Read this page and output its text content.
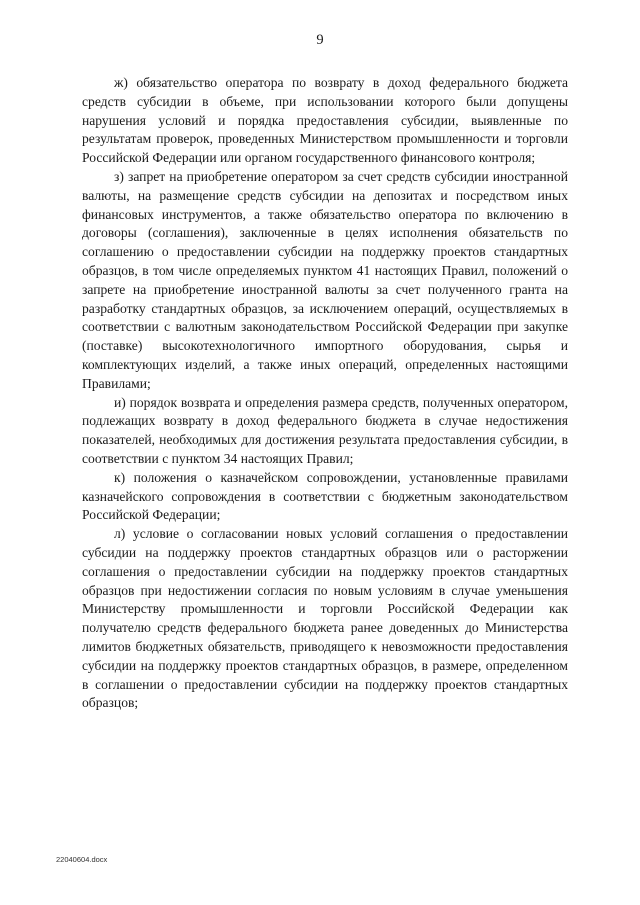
9

ж) обязательство оператора по возврату в доход федерального бюджета средств субсидии в объеме, при использовании которого были допущены нарушения условий и порядка предоставления субсидии, выявленные по результатам проверок, проведенных Министерством промышленности и торговли Российской Федерации или органом государственного финансового контроля;

з) запрет на приобретение оператором за счет средств субсидии иностранной валюты, на размещение средств субсидии на депозитах и посредством иных финансовых инструментов, а также обязательство оператора по включению в договоры (соглашения), заключенные в целях исполнения обязательств по соглашению о предоставлении субсидии на поддержку проектов стандартных образцов, в том числе определяемых пунктом 41 настоящих Правил, положений о запрете на приобретение иностранной валюты за счет полученного гранта на разработку стандартных образцов, за исключением операций, осуществляемых в соответствии с валютным законодательством Российской Федерации при закупке (поставке) высокотехнологичного импортного оборудования, сырья и комплектующих изделий, а также иных операций, определенных настоящими Правилами;

и) порядок возврата и определения размера средств, полученных оператором, подлежащих возврату в доход федерального бюджета в случае недостижения показателей, необходимых для достижения результата предоставления субсидии, в соответствии с пунктом 34 настоящих Правил;

к) положения о казначейском сопровождении, установленные правилами казначейского сопровождения в соответствии с бюджетным законодательством Российской Федерации;

л) условие о согласовании новых условий соглашения о предоставлении субсидии на поддержку проектов стандартных образцов или о расторжении соглашения о предоставлении субсидии на поддержку проектов стандартных образцов при недостижении согласия по новым условиям в случае уменьшения Министерству промышленности и торговли Российской Федерации как получателю средств федерального бюджета ранее доведенных до Министерства лимитов бюджетных обязательств, приводящего к невозможности предоставления субсидии на поддержку проектов стандартных образцов, в размере, определенном в соглашении о предоставлении субсидии на поддержку проектов стандартных образцов;

22040604.docx
